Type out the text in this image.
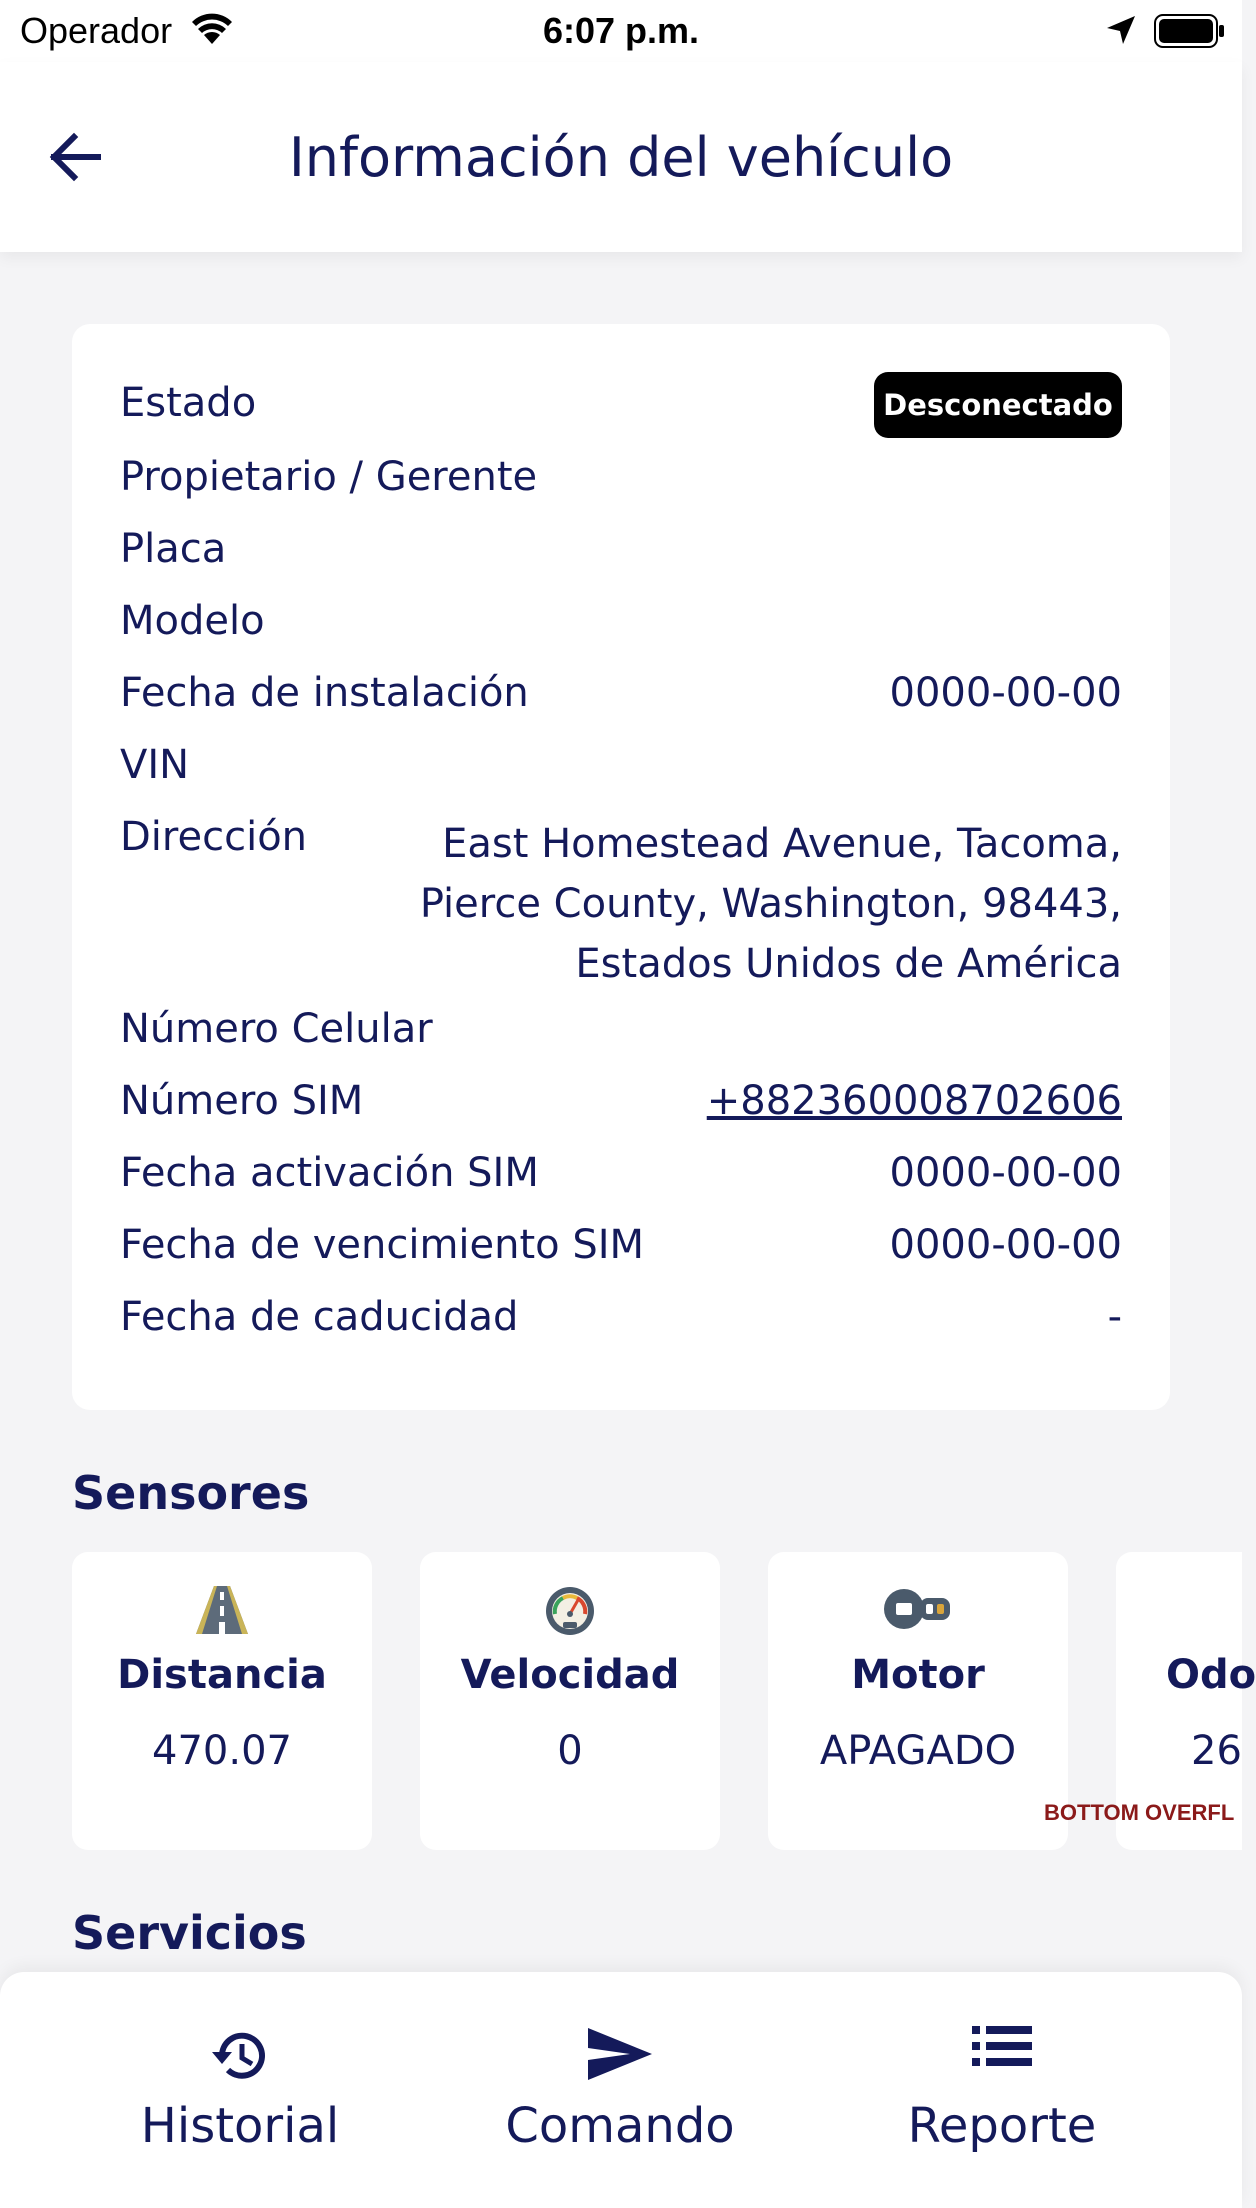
Operador	6:07 p.m.
Información del vehículo
Estado	Desconectado
Propietario / Gerente
Placa
Modelo
Fecha de instalación	0000-00-00
VIN
Dirección	East Homestead Avenue, Tacoma, Pierce County, Washington, 98443, Estados Unidos de América
Número Celular
Número SIM	+882360008702606
Fecha activación SIM	0000-00-00
Fecha de vencimiento SIM	0000-00-00
Fecha de caducidad	-
Sensores
Distancia
470.07
Velocidad
0
Motor
APAGADO
Odo
26
BOTTOM OVERFL
Servicios
Historial	Comando	Reporte
